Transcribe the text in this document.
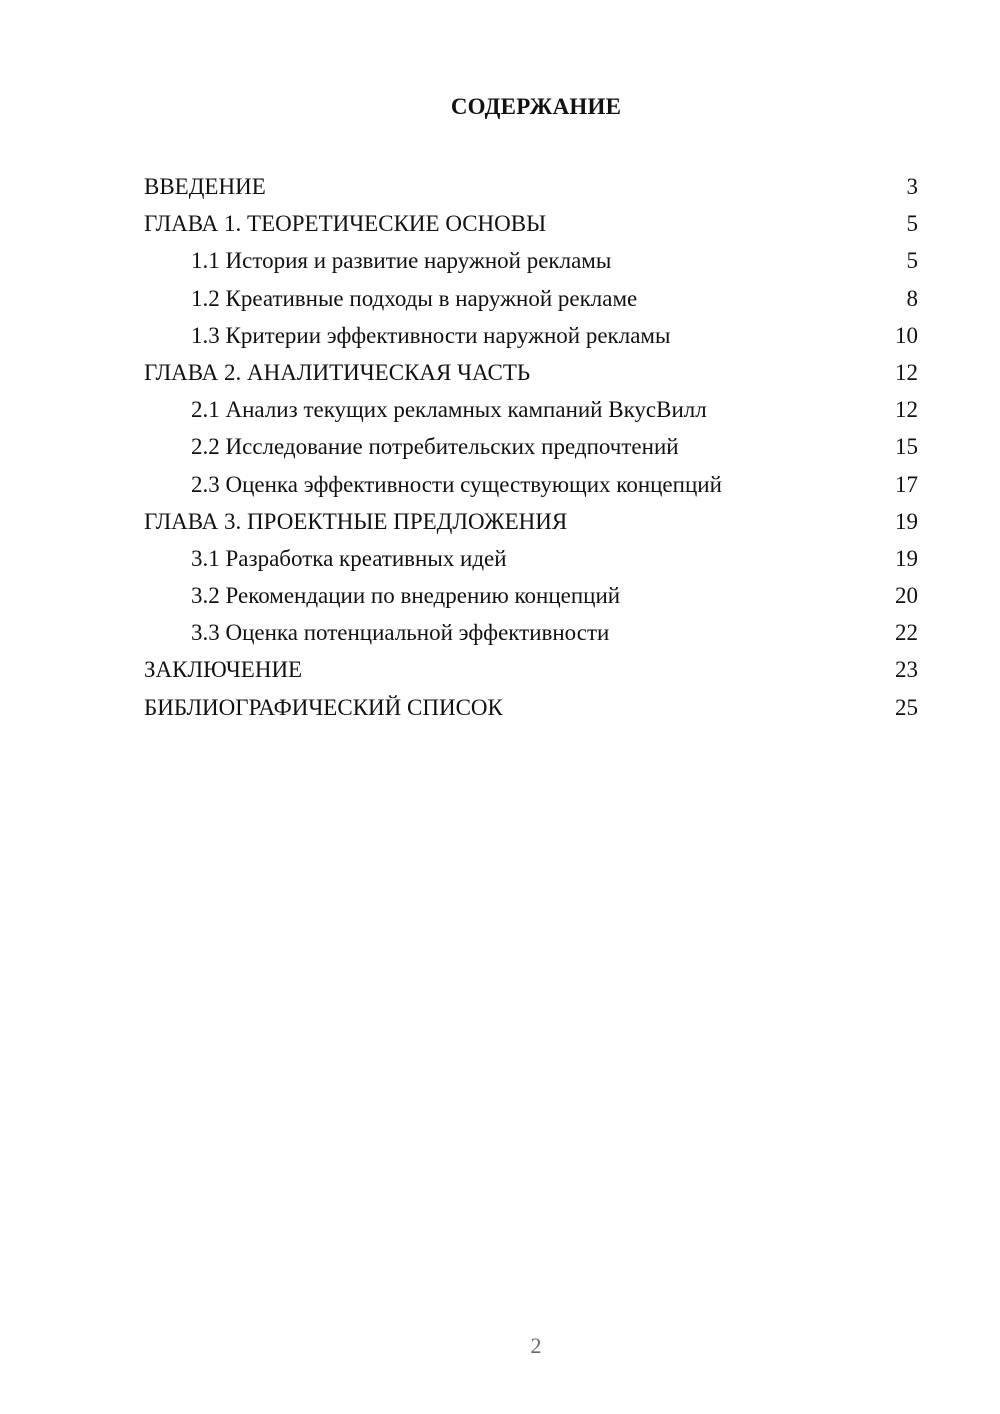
СОДЕРЖАНИЕ
ВВЕДЕНИЕ	3
ГЛАВА 1. ТЕОРЕТИЧЕСКИЕ ОСНОВЫ	5
1.1 История и развитие наружной рекламы	5
1.2 Креативные подходы в наружной рекламе	8
1.3 Критерии эффективности наружной рекламы	10
ГЛАВА 2. АНАЛИТИЧЕСКАЯ ЧАСТЬ	12
2.1 Анализ текущих рекламных кампаний ВкусВилл	12
2.2 Исследование потребительских предпочтений	15
2.3 Оценка эффективности существующих концепций	17
ГЛАВА 3. ПРОЕКТНЫЕ ПРЕДЛОЖЕНИЯ	19
3.1 Разработка креативных идей	19
3.2 Рекомендации по внедрению концепций	20
3.3 Оценка потенциальной эффективности	22
ЗАКЛЮЧЕНИЕ	23
БИБЛИОГРАФИЧЕСКИЙ СПИСОК	25
2
